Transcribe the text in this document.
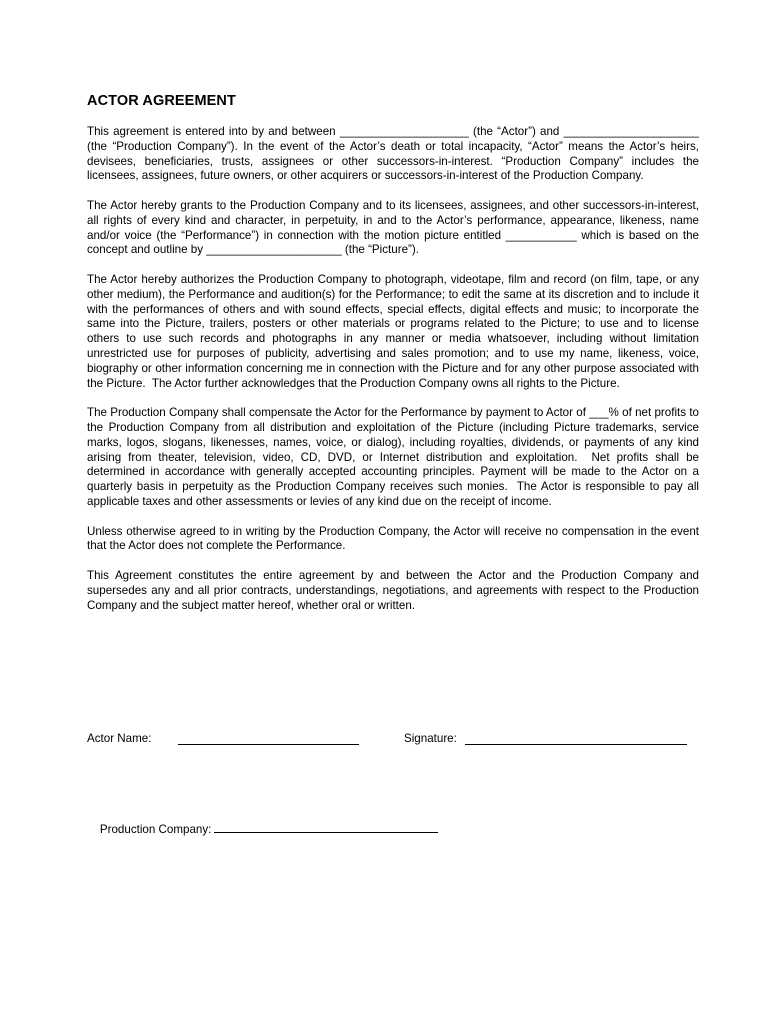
ACTOR AGREEMENT

This agreement is entered into by and between ____________________ (the “Actor”) and _____________________ (the “Production Company”). In the event of the Actor’s death or total incapacity, “Actor” means the Actor’s heirs, devisees, beneficiaries, trusts, assignees or other successors-in-interest. “Production Company” includes the licensees, assignees, future owners, or other acquirers or successors-in-interest of the Production Company.

The Actor hereby grants to the Production Company and to its licensees, assignees, and other successors-in-interest, all rights of every kind and character, in perpetuity, in and to the Actor’s performance, appearance, likeness, name and/or voice (the “Performance”) in connection with the motion picture entitled ___________ which is based on the concept and outline by _____________________ (the “Picture”).

The Actor hereby authorizes the Production Company to photograph, videotape, film and record (on film, tape, or any other medium), the Performance and audition(s) for the Performance; to edit the same at its discretion and to include it with the performances of others and with sound effects, special effects, digital effects and music; to incorporate the same into the Picture, trailers, posters or other materials or programs related to the Picture; to use and to license others to use such records and photographs in any manner or media whatsoever, including without limitation unrestricted use for purposes of publicity, advertising and sales promotion; and to use my name, likeness, voice, biography or other information concerning me in connection with the Picture and for any other purpose associated with the Picture.  The Actor further acknowledges that the Production Company owns all rights to the Picture.

The Production Company shall compensate the Actor for the Performance by payment to Actor of ___% of net profits to the Production Company from all distribution and exploitation of the Picture (including Picture trademarks, service marks, logos, slogans, likenesses, names, voice, or dialog), including royalties, dividends, or payments of any kind arising from theater, television, video, CD, DVD, or Internet distribution and exploitation.  Net profits shall be determined in accordance with generally accepted accounting principles. Payment will be made to the Actor on a quarterly basis in perpetuity as the Production Company receives such monies.  The Actor is responsible to pay all applicable taxes and other assessments or levies of any kind due on the receipt of income.

Unless otherwise agreed to in writing by the Production Company, the Actor will receive no compensation in the event that the Actor does not complete the Performance.

This Agreement constitutes the entire agreement by and between the Actor and the Production Company and supersedes any and all prior contracts, understandings, negotiations, and agreements with respect to the Production Company and the subject matter hereof, whether oral or written.

Actor Name:

	Signature:

Production Company:
